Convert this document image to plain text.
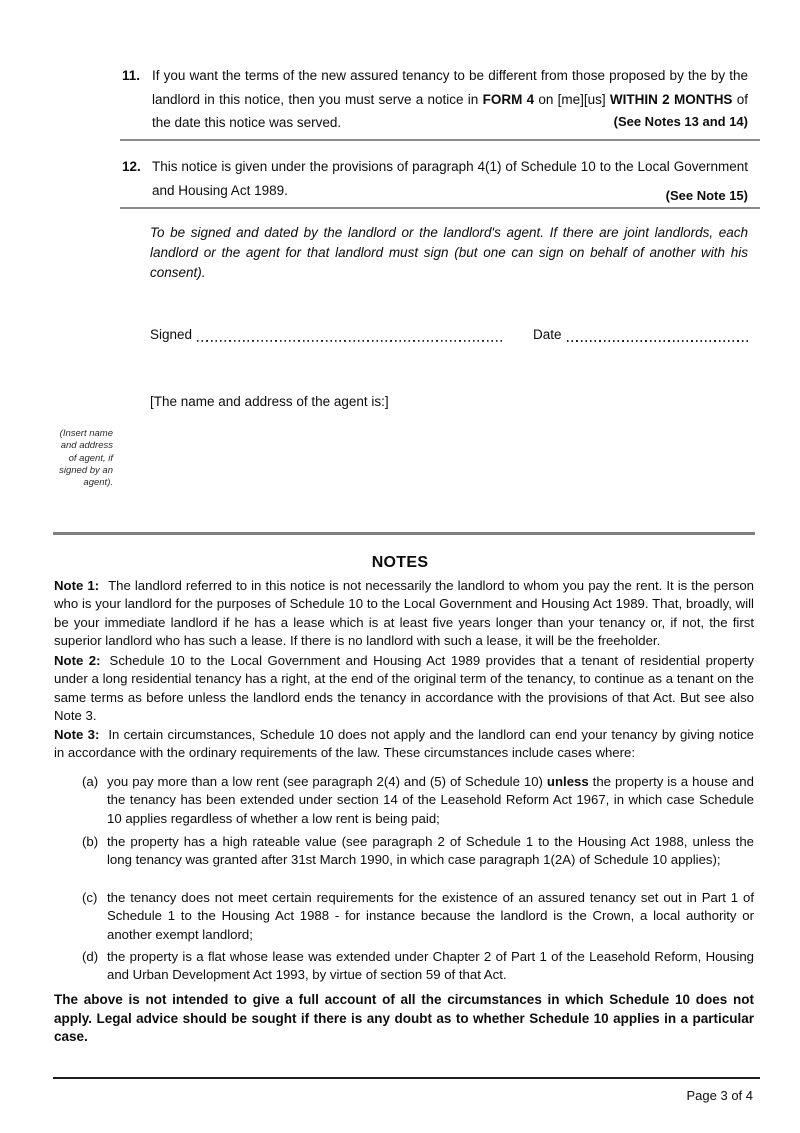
11. If you want the terms of the new assured tenancy to be different from those proposed by the by the landlord in this notice, then you must serve a notice in FORM 4 on [me][us] WITHIN 2 MONTHS of the date this notice was served.	(See Notes 13 and 14)
12. This notice is given under the provisions of paragraph 4(1) of Schedule 10 to the Local Government and Housing Act 1989.	(See Note 15)

To be signed and dated by the landlord or the landlord's agent. If there are joint landlords, each landlord or the agent for that landlord must sign (but one can sign on behalf of another with his consent).

Signed	Date
[The name and address of the agent is:]
(Insert name and address of agent, if signed by an agent).
NOTES

Note 1: The landlord referred to in this notice is not necessarily the landlord to whom you pay the rent. It is the person who is your landlord for the purposes of Schedule 10 to the Local Government and Housing Act 1989. That, broadly, will be your immediate landlord if he has a lease which is at least five years longer than your tenancy or, if not, the first superior landlord who has such a lease. If there is no landlord with such a lease, it will be the freeholder.

Note 2: Schedule 10 to the Local Government and Housing Act 1989 provides that a tenant of residential property under a long residential tenancy has a right, at the end of the original term of the tenancy, to continue as a tenant on the same terms as before unless the landlord ends the tenancy in accordance with the provisions of that Act. But see also Note 3.

Note 3: In certain circumstances, Schedule 10 does not apply and the landlord can end your tenancy by giving notice in accordance with the ordinary requirements of the law. These circumstances include cases where:

(a) you pay more than a low rent (see paragraph 2(4) and (5) of Schedule 10) unless the property is a house and the tenancy has been extended under section 14 of the Leasehold Reform Act 1967, in which case Schedule 10 applies regardless of whether a low rent is being paid;
(b) the property has a high rateable value (see paragraph 2 of Schedule 1 to the Housing Act 1988, unless the long tenancy was granted after 31st March 1990, in which case paragraph 1(2A) of Schedule 10 applies);
(c) the tenancy does not meet certain requirements for the existence of an assured tenancy set out in Part 1 of Schedule 1 to the Housing Act 1988 - for instance because the landlord is the Crown, a local authority or another exempt landlord;
(d) the property is a flat whose lease was extended under Chapter 2 of Part 1 of the Leasehold Reform, Housing and Urban Development Act 1993, by virtue of section 59 of that Act.

The above is not intended to give a full account of all the circumstances in which Schedule 10 does not apply. Legal advice should be sought if there is any doubt as to whether Schedule 10 applies in a particular case.

Page 3 of 4
